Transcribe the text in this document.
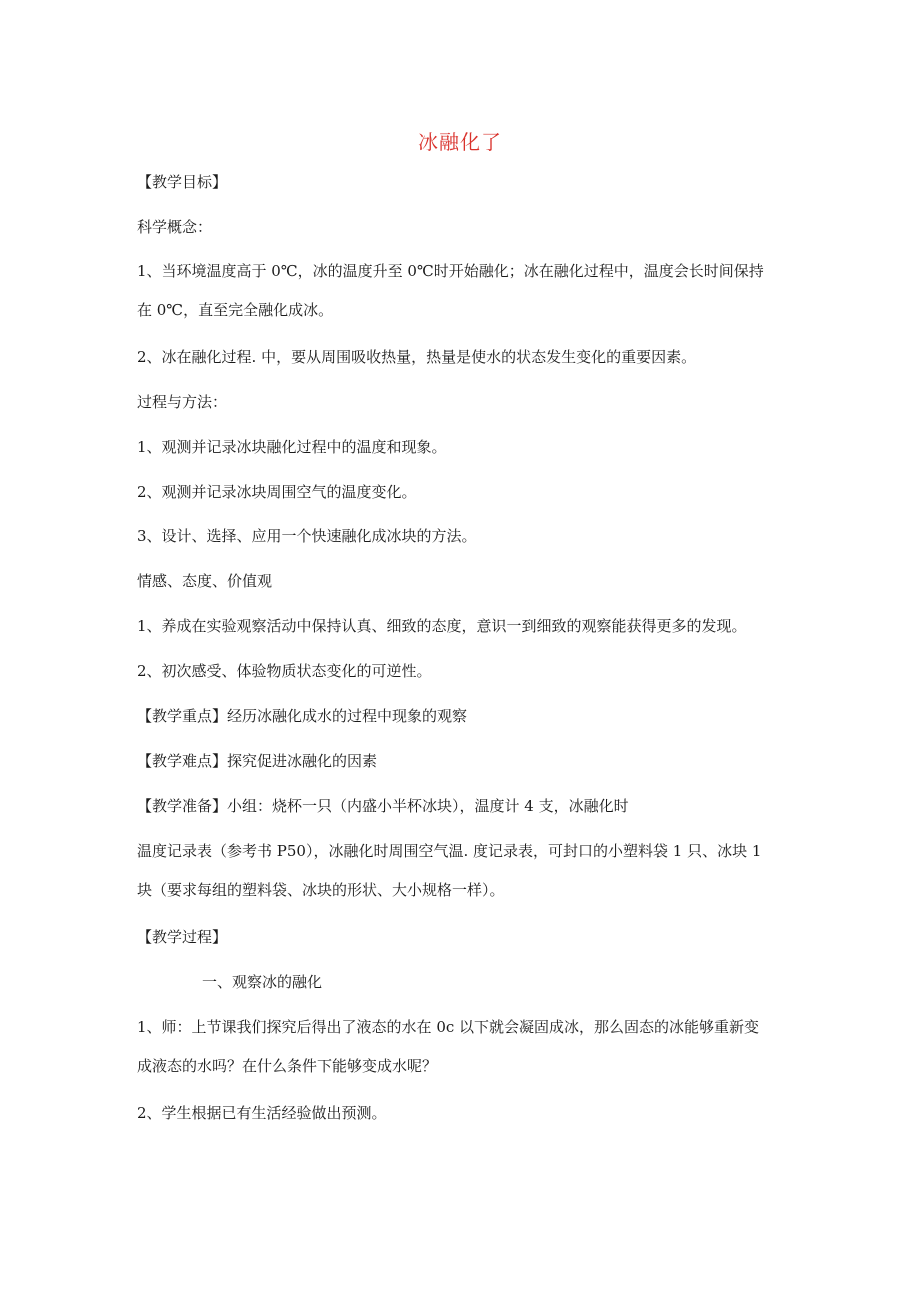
冰融化了
【教学目标】
科学概念：
1、当环境温度高于 0℃，冰的温度升至 0℃时开始融化；冰在融化过程中，温度会长时间保持
在 0℃，直至完全融化成冰。
2、冰在融化过程. 中，要从周围吸收热量，热量是使水的状态发生变化的重要因素。
过程与方法：
1、观测并记录冰块融化过程中的温度和现象。
2、观测并记录冰块周围空气的温度变化。
3、设计、选择、应用一个快速融化成冰块的方法。
情感、态度、价值观
1、养成在实验观察活动中保持认真、细致的态度，意识一到细致的观察能获得更多的发现。
2、初次感受、体验物质状态变化的可逆性。
【教学重点】经历冰融化成水的过程中现象的观察
【教学难点】探究促进冰融化的因素
【教学准备】小组：烧杯一只（内盛小半杯冰块），温度计 4 支，冰融化时
温度记录表（参考书 P50），冰融化时周围空气温. 度记录表，可封口的小塑料袋 1 只、冰块 1
块（要求每组的塑料袋、冰块的形状、大小规格一样）。
【教学过程】
一、观察冰的融化
1、师：上节课我们探究后得出了液态的水在 0c 以下就会凝固成冰，那么固态的冰能够重新变
成液态的水吗？在什么条件下能够变成水呢？
2、学生根据已有生活经验做出预测。
